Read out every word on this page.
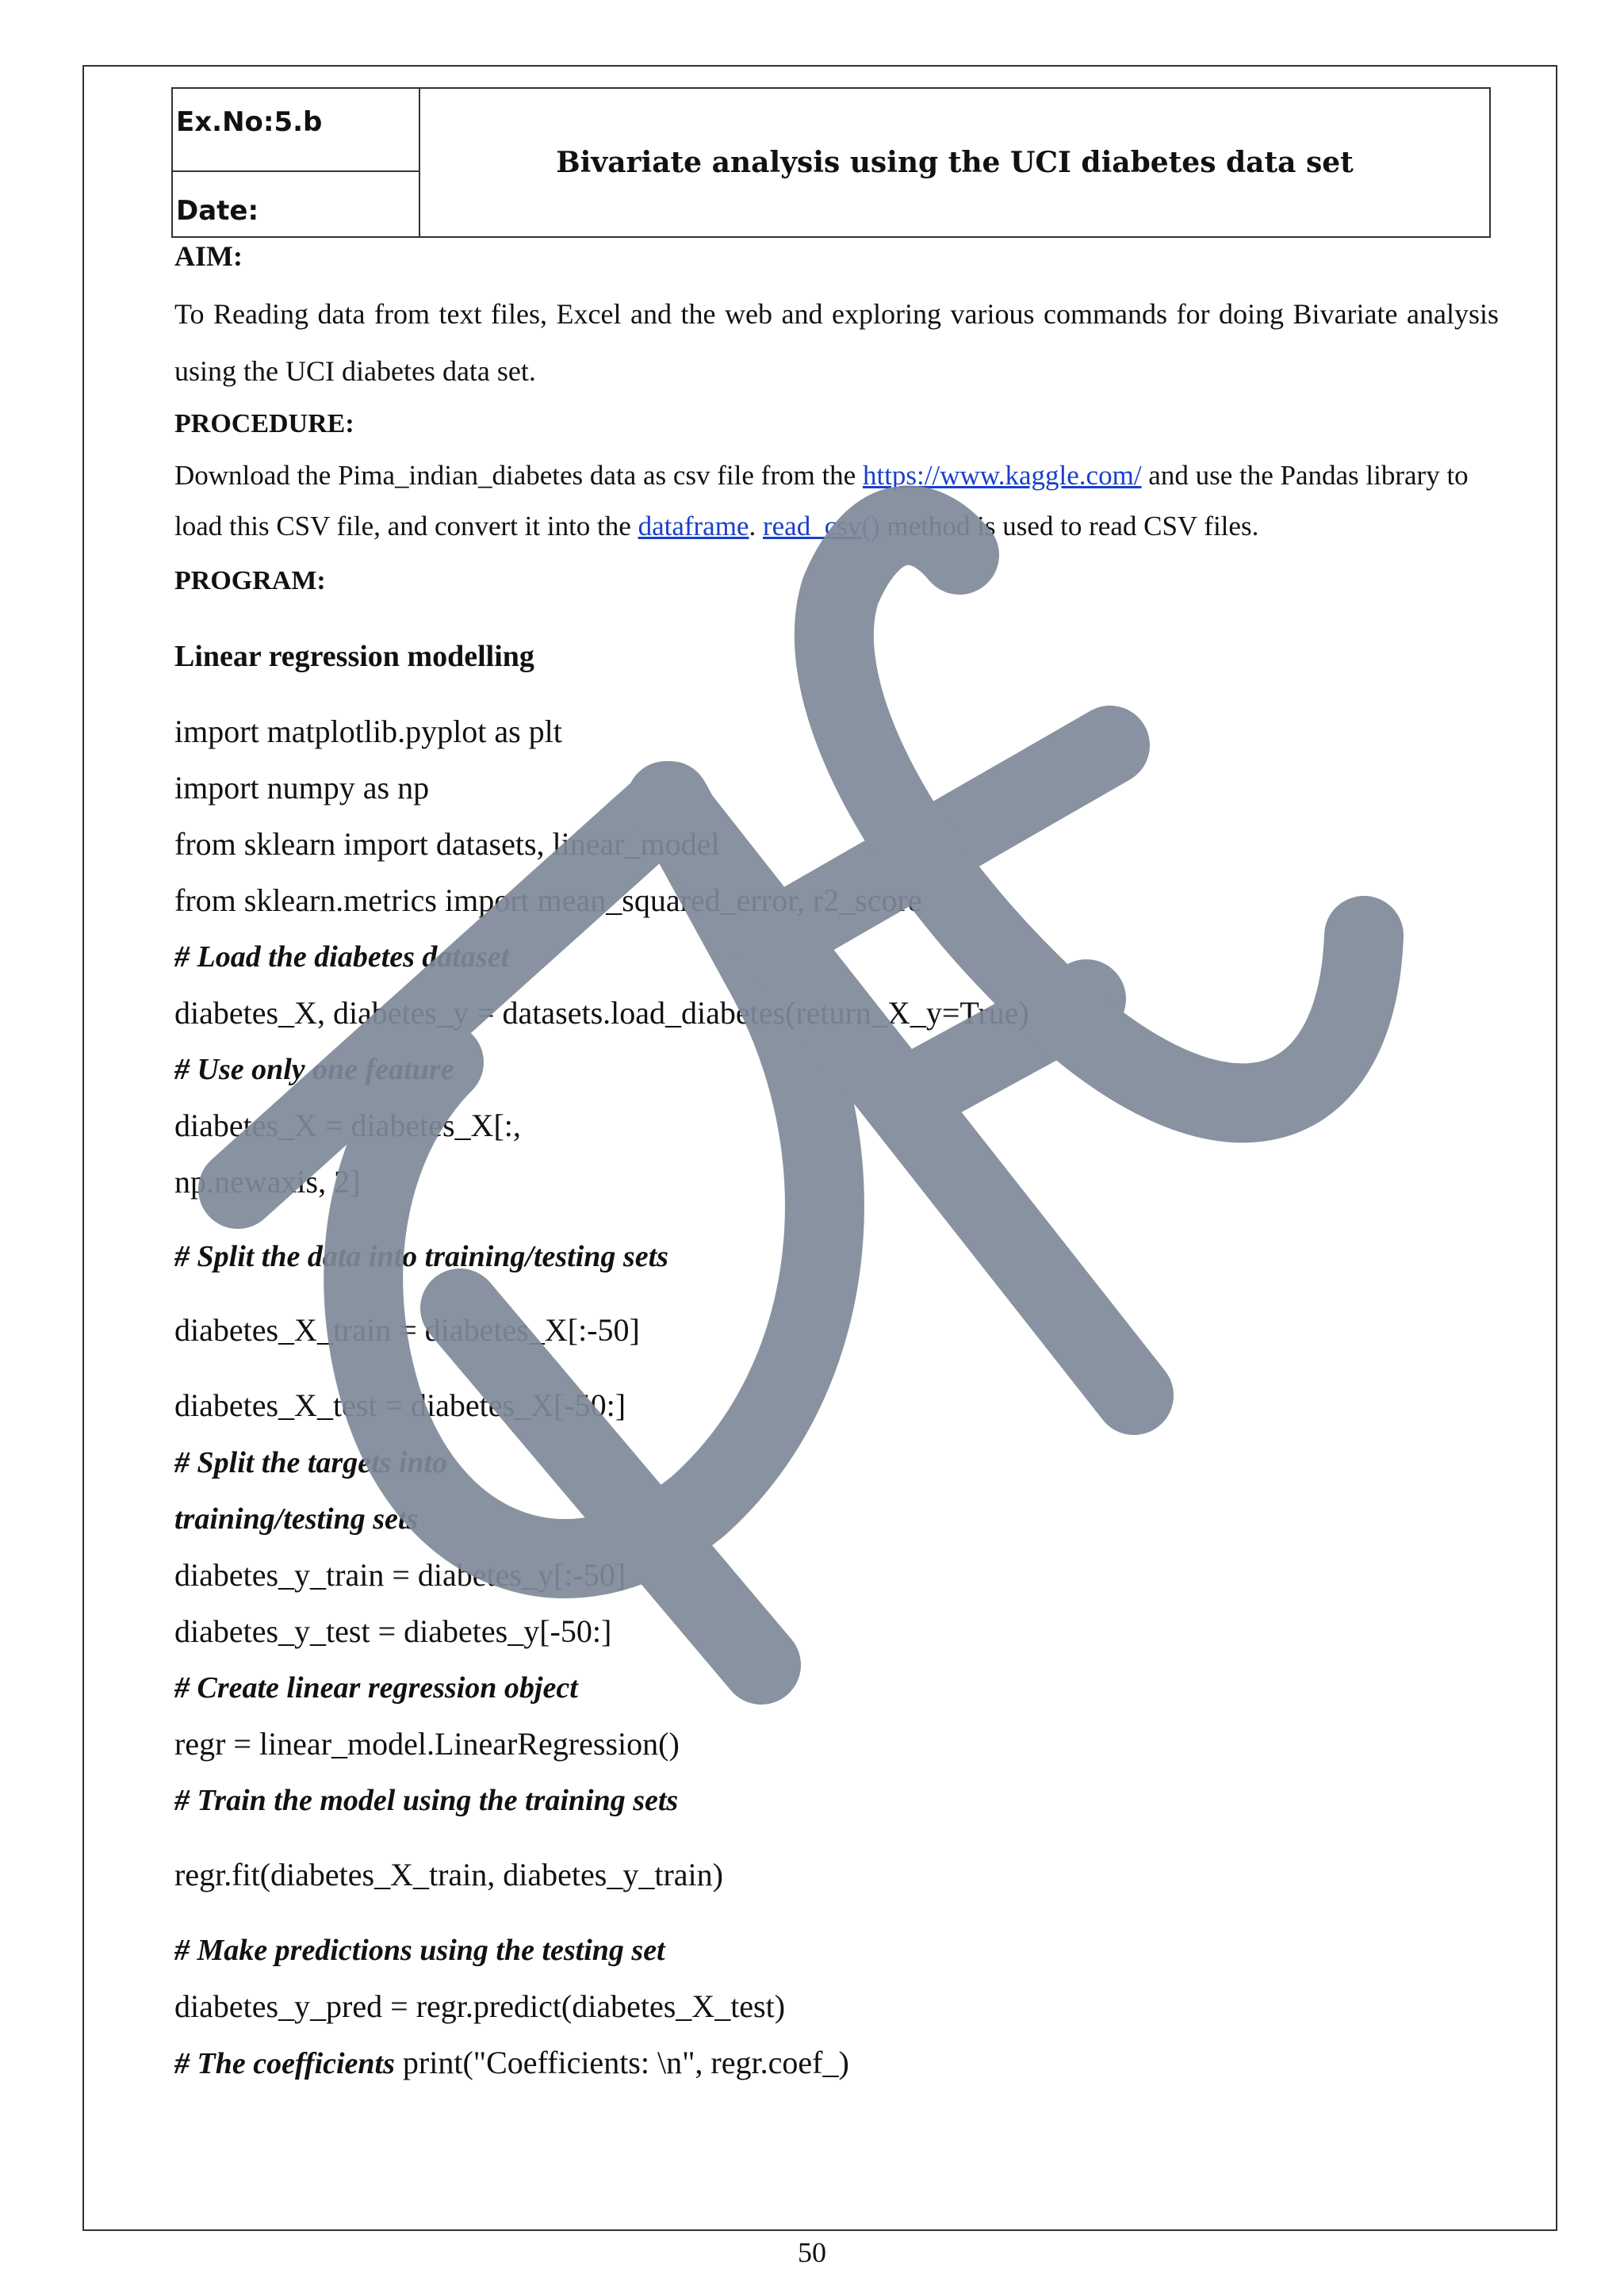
Ex.No:5.b
Date:
Bivariate analysis using the UCI diabetes data set
AIM:
To Reading data from text files, Excel and the web and exploring various commands for doing Bivariate analysis using the UCI diabetes data set.
PROCEDURE:
Download the Pima_indian_diabetes data as csv file from the https://www.kaggle.com/ and use the Pandas library to load this CSV file, and convert it into the dataframe. read_csv() method is used to read CSV files.
PROGRAM:
Linear regression modelling
import matplotlib.pyplot as plt
import numpy as np
from sklearn import datasets, linear_model
from sklearn.metrics import mean_squared_error, r2_score
# Load the diabetes dataset
diabetes_X, diabetes_y = datasets.load_diabetes(return_X_y=True)
# Use only one feature
diabetes_X = diabetes_X[:,
np.newaxis, 2]
# Split the data into training/testing sets
diabetes_X_train = diabetes_X[:-50]
diabetes_X_test = diabetes_X[-50:]
# Split the targets into
training/testing sets
diabetes_y_train = diabetes_y[:-50]
diabetes_y_test = diabetes_y[-50:]
# Create linear regression object
regr = linear_model.LinearRegression()
# Train the model using the training sets
regr.fit(diabetes_X_train, diabetes_y_train)
# Make predictions using the testing set
diabetes_y_pred = regr.predict(diabetes_X_test)
# The coefficients print("Coefficients: \n", regr.coef_)
50
